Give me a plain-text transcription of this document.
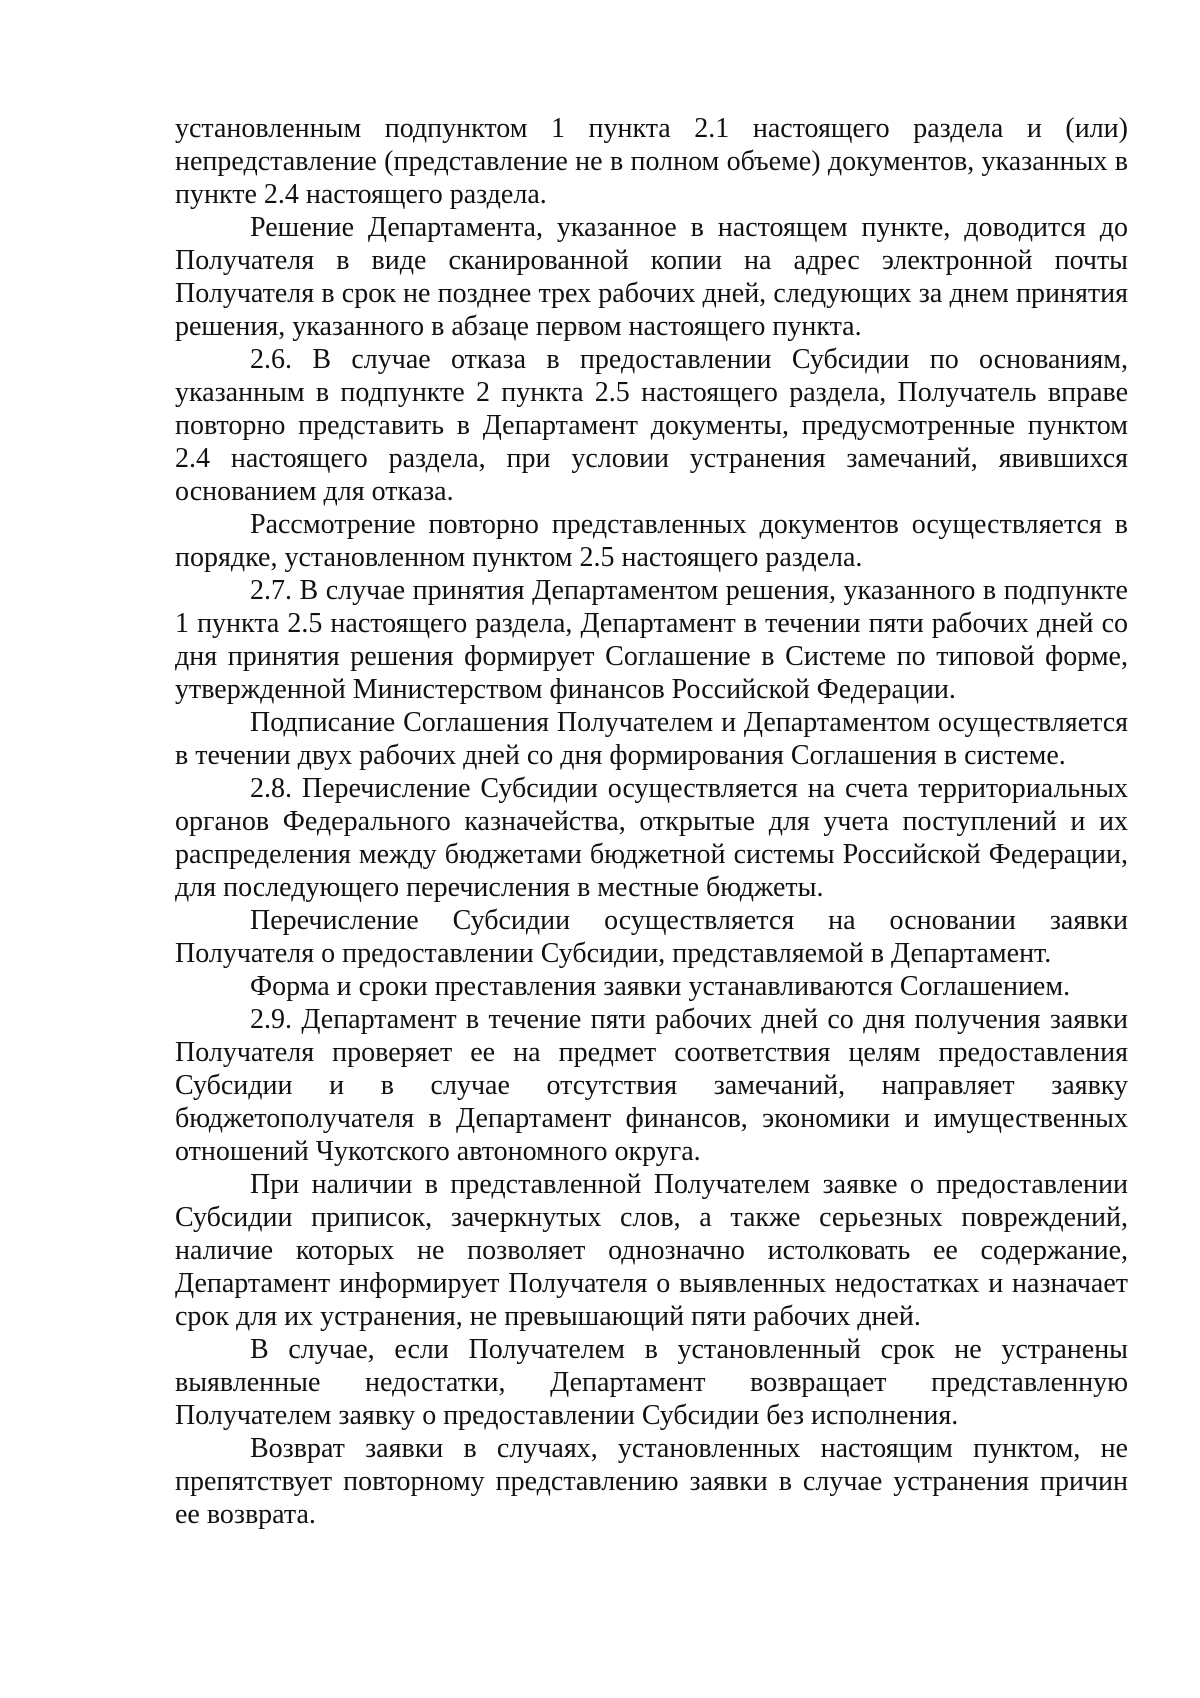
установленным подпунктом 1 пункта 2.1 настоящего раздела и (или) непредставление (представление не в полном объеме) документов, указанных в пункте 2.4 настоящего раздела.

Решение Департамента, указанное в настоящем пункте, доводится до Получателя в виде сканированной копии на адрес электронной почты Получателя в срок не позднее трех рабочих дней, следующих за днем принятия решения, указанного в абзаце первом настоящего пункта.

2.6. В случае отказа в предоставлении Субсидии по основаниям, указанным в подпункте 2 пункта 2.5 настоящего раздела, Получатель вправе повторно представить в Департамент документы, предусмотренные пунктом 2.4 настоящего раздела, при условии устранения замечаний, явившихся основанием для отказа.

Рассмотрение повторно представленных документов осуществляется в порядке, установленном пунктом 2.5 настоящего раздела.

2.7. В случае принятия Департаментом решения, указанного в подпункте 1 пункта 2.5 настоящего раздела, Департамент в течении пяти рабочих дней со дня принятия решения формирует Соглашение в Системе по типовой форме, утвержденной Министерством финансов Российской Федерации.

Подписание Соглашения Получателем и Департаментом осуществляется в течении двух рабочих дней со дня формирования Соглашения в системе.

2.8. Перечисление Субсидии осуществляется на счета территориальных органов Федерального казначейства, открытые для учета поступлений и их распределения между бюджетами бюджетной системы Российской Федерации, для последующего перечисления в местные бюджеты.

Перечисление Субсидии осуществляется на основании заявки Получателя о предоставлении Субсидии, представляемой в Департамент.

Форма и сроки преставления заявки устанавливаются Соглашением.

2.9. Департамент в течение пяти рабочих дней со дня получения заявки Получателя проверяет ее на предмет соответствия целям предоставления Субсидии и в случае отсутствия замечаний, направляет заявку бюджетополучателя в Департамент финансов, экономики и имущественных отношений Чукотского автономного округа.

При наличии в представленной Получателем заявке о предоставлении Субсидии приписок, зачеркнутых слов, а также серьезных повреждений, наличие которых не позволяет однозначно истолковать ее содержание, Департамент информирует Получателя о выявленных недостатках и назначает срок для их устранения, не превышающий пяти рабочих дней.

В случае, если Получателем в установленный срок не устранены выявленные недостатки, Департамент возвращает представленную Получателем заявку о предоставлении Субсидии без исполнения.

Возврат заявки в случаях, установленных настоящим пунктом, не препятствует повторному представлению заявки в случае устранения причин ее возврата.
